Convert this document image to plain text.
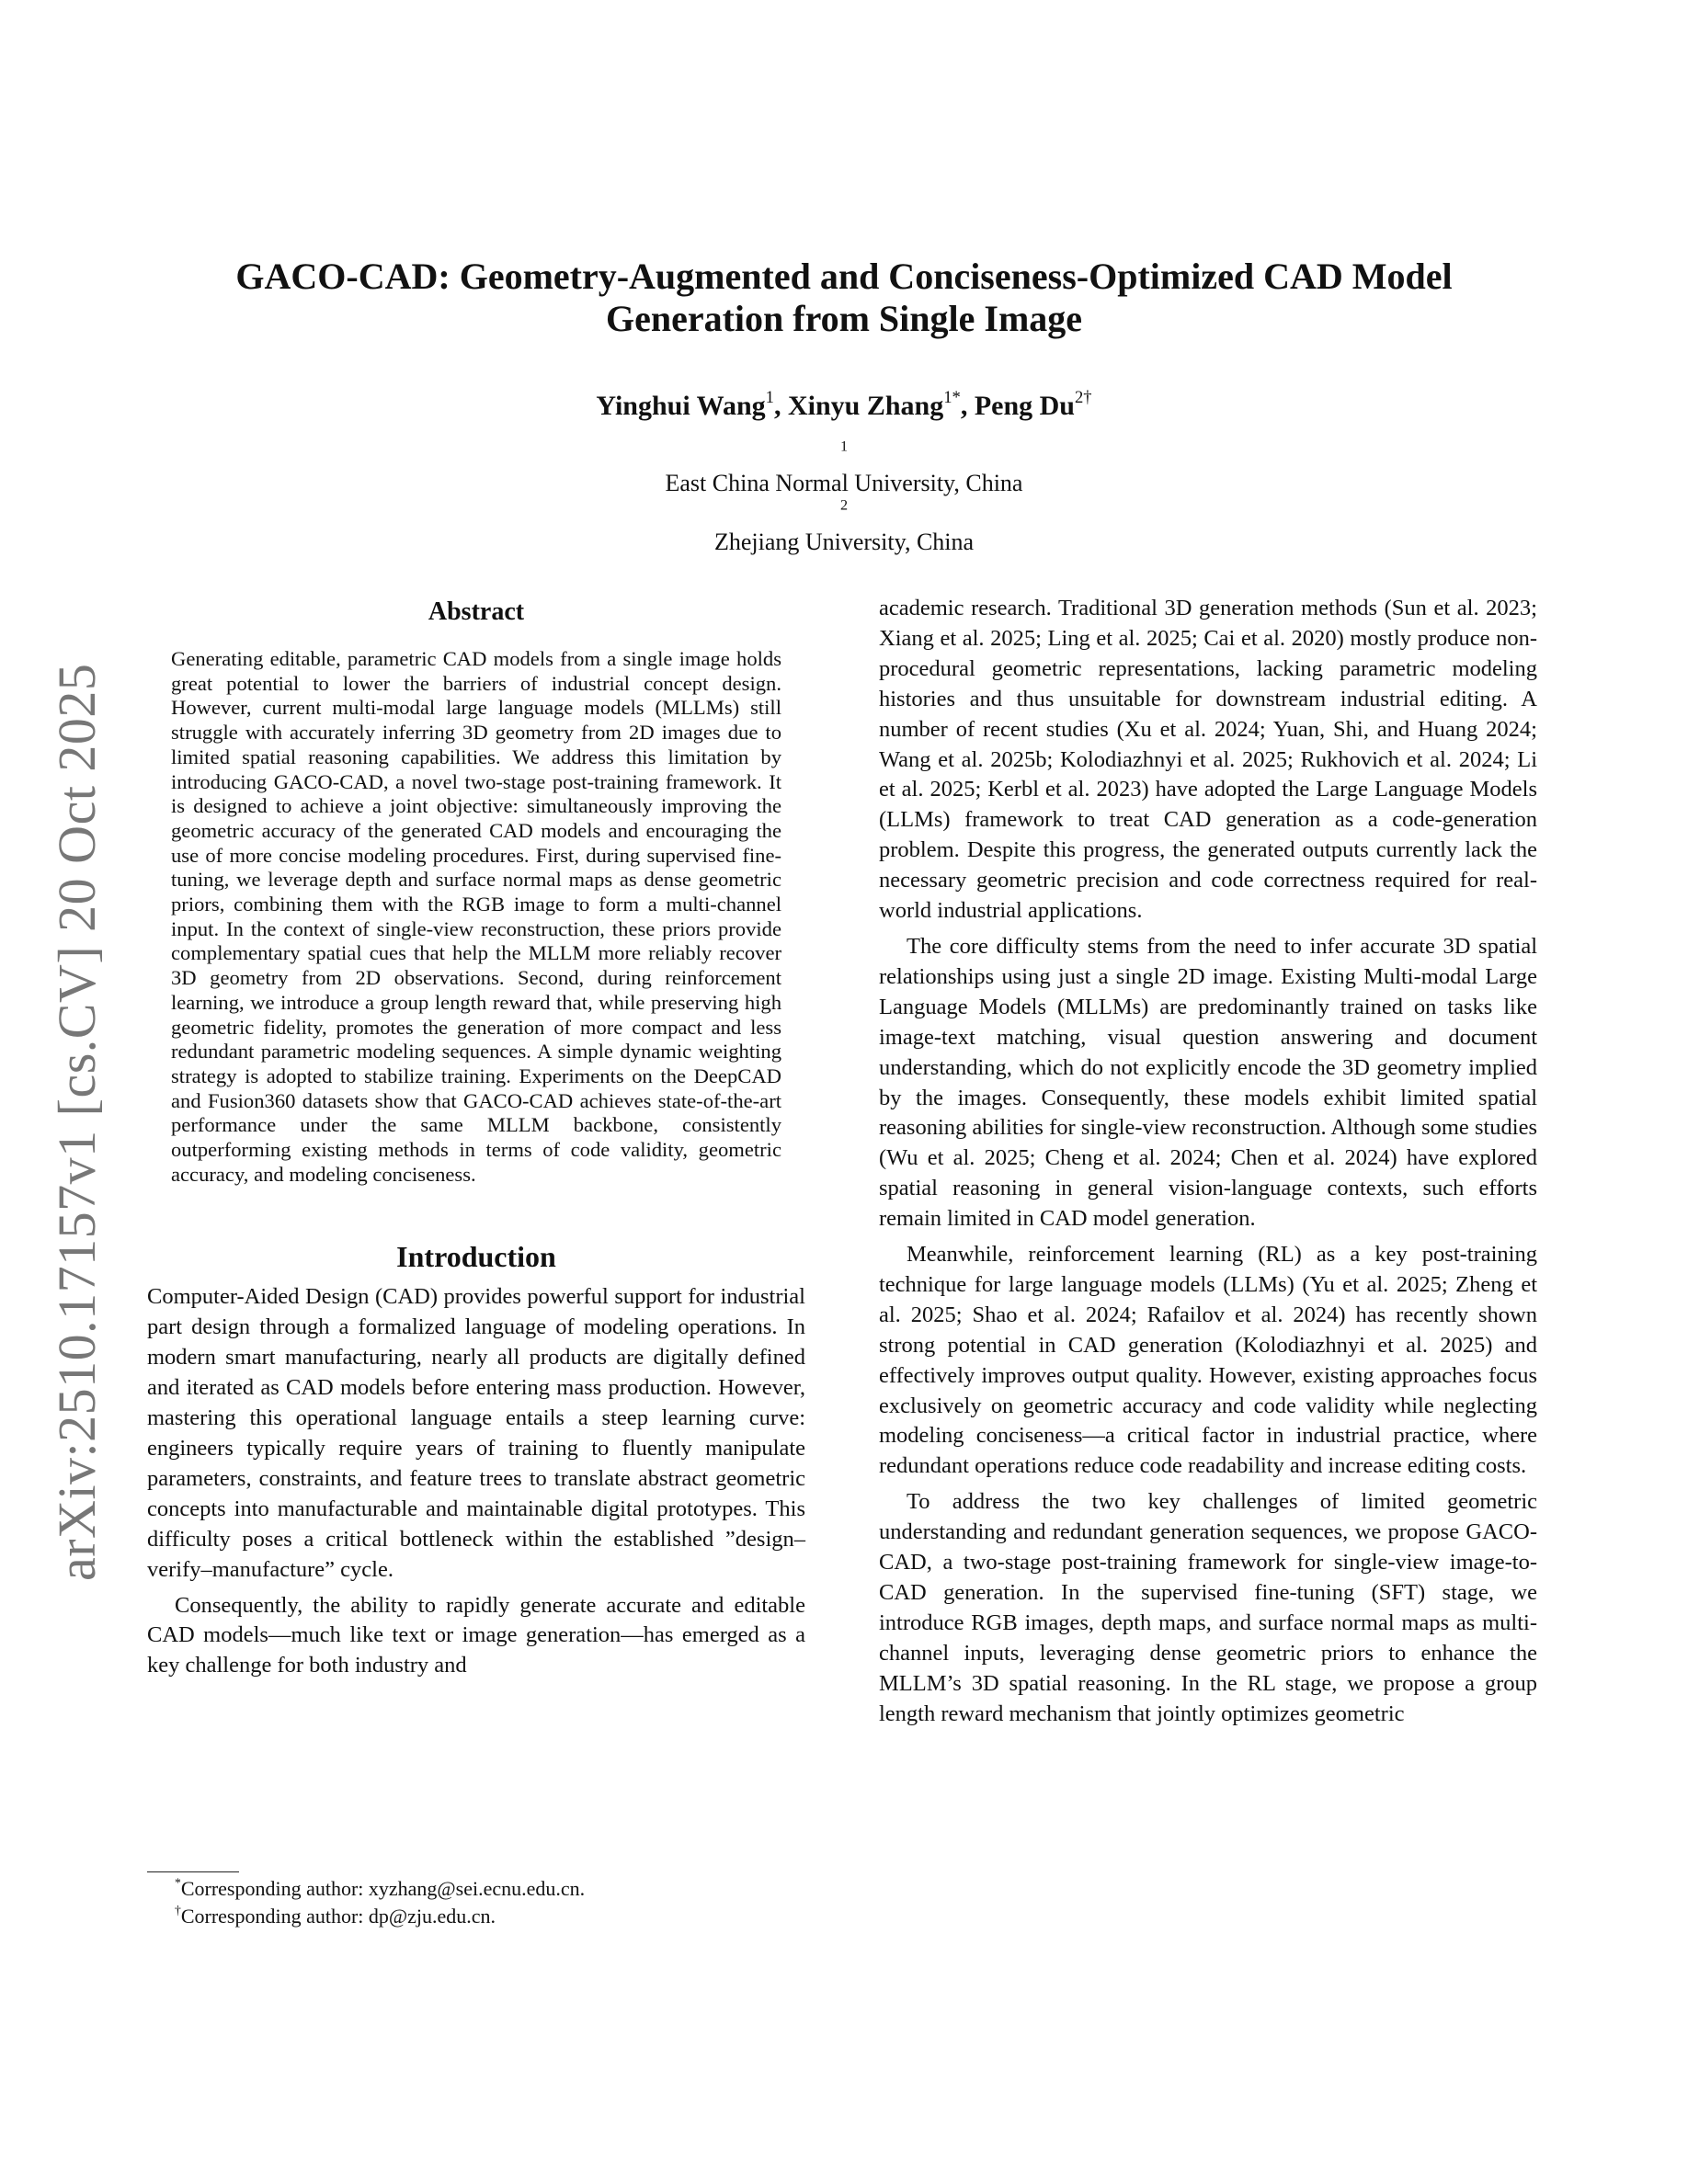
arXiv:2510.17157v1 [cs.CV] 20 Oct 2025
GACO-CAD: Geometry-Augmented and Conciseness-Optimized CAD Model
Generation from Single Image
Yinghui Wang$^1$, Xinyu Zhang$^{1*}$, Peng $Du^{2\dagger}$
$^1$
East China Normal University, China
$^2$
Zhejiang University, China
Abstract

Generating editable, parametric CAD models from a single image holds great potential to lower the barriers of industrial concept design. However, current multi-modal large language models (MLLMs) still struggle with accurately inferring 3D geometry from 2D images due to limited spatial reasoning capabilities. We address this limitation by introducing GACO-CAD, a novel two-stage post-training framework. It is designed to achieve a joint objective: simultaneously improving the geometric accuracy of the generated CAD models and encouraging the use of more concise modeling procedures. First, during supervised fine-tuning, we leverage depth and surface normal maps as dense geometric priors, combining them with the RGB image to form a multi-channel input. In the context of single-view reconstruction, these priors provide complementary spatial cues that help the MLLM more reliably recover 3D geometry from 2D observations. Second, during reinforcement learning, we introduce a group length reward that, while preserving high geometric fidelity, promotes the generation of more compact and less redundant parametric modeling sequences. A simple dynamic weighting strategy is adopted to stabilize training. Experiments on the DeepCAD and Fusion360 datasets show that GACO-CAD achieves state-of-the-art performance under the same MLLM backbone, consistently outperforming existing methods in terms of code validity, geometric accuracy, and modeling conciseness.

Introduction

Computer-Aided Design (CAD) provides powerful support for industrial part design through a formalized language of modeling operations. In modern smart manufacturing, nearly all products are digitally defined and iterated as CAD models before entering mass production. However, mastering this operational language entails a steep learning curve: engineers typically require years of training to fluently manipulate parameters, constraints, and feature trees to translate abstract geometric concepts into manufacturable and maintainable digital prototypes. This difficulty poses a critical bottleneck within the established ”design–verify–manufacture” cycle.

Consequently, the ability to rapidly generate accurate and editable CAD models—much like text or image generation—has emerged as a key challenge for both industry and

*Corresponding author: xyzhang@sei.ecnu.edu.cn.
†Corresponding author: dp@zju.edu.cn.

academic research. Traditional 3D generation methods (Sun et al. 2023; Xiang et al. 2025; Ling et al. 2025; Cai et al. 2020) mostly produce non-procedural geometric representations, lacking parametric modeling histories and thus unsuitable for downstream industrial editing. A number of recent studies (Xu et al. 2024; Yuan, Shi, and Huang 2024; Wang et al. 2025b; Kolodiazhnyi et al. 2025; Rukhovich et al. 2024; Li et al. 2025; Kerbl et al. 2023) have adopted the Large Language Models (LLMs) framework to treat CAD generation as a code-generation problem. Despite this progress, the generated outputs currently lack the necessary geometric precision and code correctness required for real-world industrial applications.

The core difficulty stems from the need to infer accurate 3D spatial relationships using just a single 2D image. Existing Multi-modal Large Language Models (MLLMs) are predominantly trained on tasks like image-text matching, visual question answering and document understanding, which do not explicitly encode the 3D geometry implied by the images. Consequently, these models exhibit limited spatial reasoning abilities for single-view reconstruction. Although some studies (Wu et al. 2025; Cheng et al. 2024; Chen et al. 2024) have explored spatial reasoning in general vision-language contexts, such efforts remain limited in CAD model generation.

Meanwhile, reinforcement learning (RL) as a key post-training technique for large language models (LLMs) (Yu et al. 2025; Zheng et al. 2025; Shao et al. 2024; Rafailov et al. 2024) has recently shown strong potential in CAD generation (Kolodiazhnyi et al. 2025) and effectively improves output quality. However, existing approaches focus exclusively on geometric accuracy and code validity while neglecting modeling conciseness—a critical factor in industrial practice, where redundant operations reduce code readability and increase editing costs.

To address the two key challenges of limited geometric understanding and redundant generation sequences, we propose GACO-CAD, a two-stage post-training framework for single-view image-to-CAD generation. In the supervised fine-tuning (SFT) stage, we introduce RGB images, depth maps, and surface normal maps as multi-channel inputs, leveraging dense geometric priors to enhance the MLLM’s 3D spatial reasoning. In the RL stage, we propose a group length reward mechanism that jointly optimizes geometric
